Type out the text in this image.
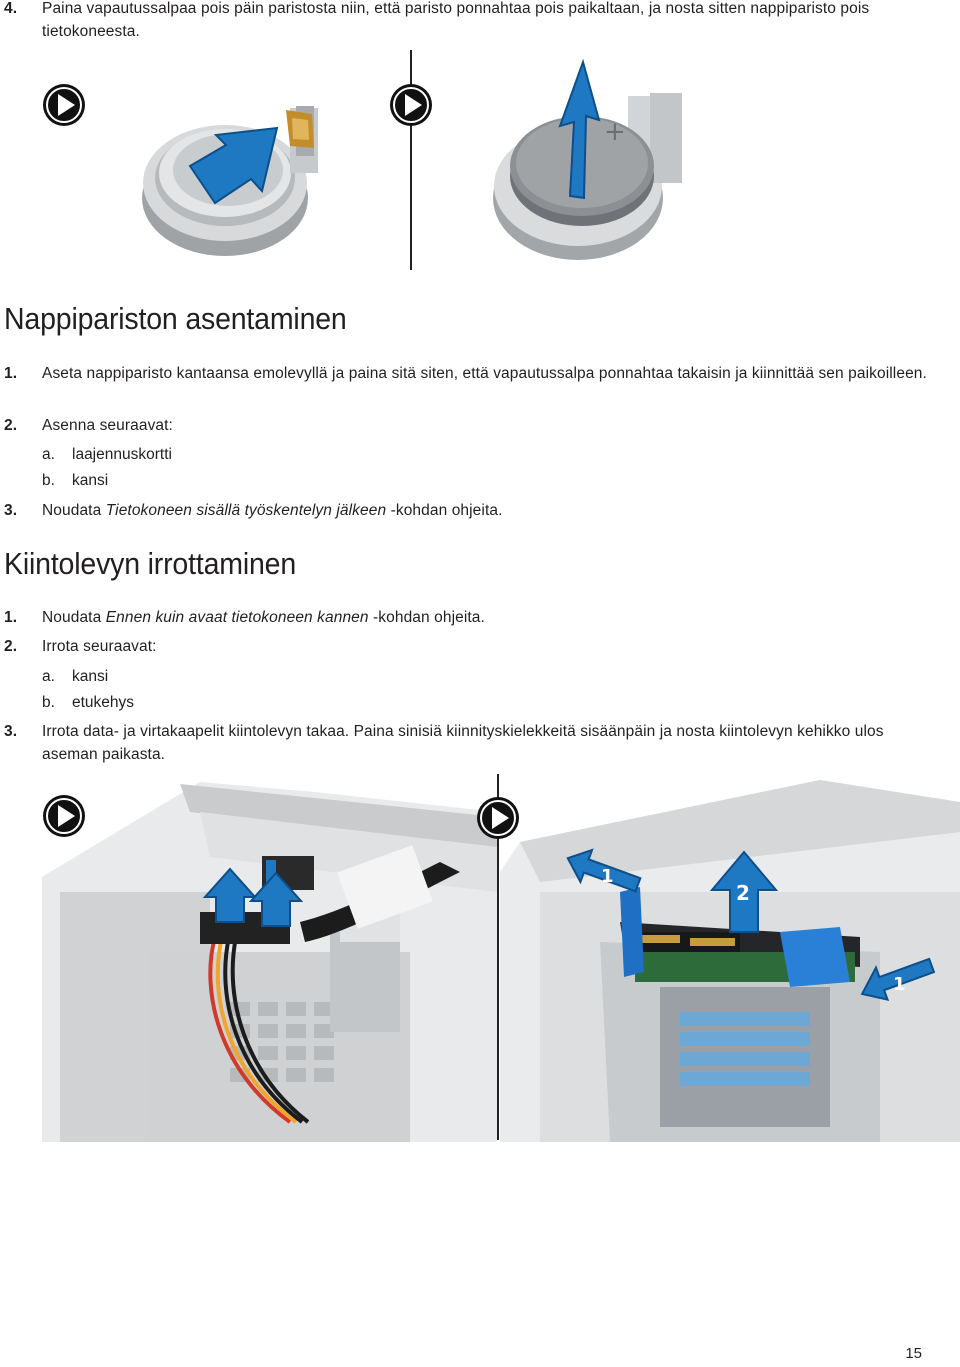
4. Paina vapautussalpaa pois päin paristosta niin, että paristo ponnahtaa pois paikaltaan, ja nosta sitten nappiparisto pois tietokoneesta.
+
Nappipariston asentaminen
1. Aseta nappiparisto kantaansa emolevyllä ja paina sitä siten, että vapautussalpa ponnahtaa takaisin ja kiinnittää sen paikoilleen.
2. Asenna seuraavat:
a. laajennuskortti
b. kansi
3. Noudata Tietokoneen sisällä työskentelyn jälkeen -kohdan ohjeita.
Kiintolevyn irrottaminen
1. Noudata Ennen kuin avaat tietokoneen kannen -kohdan ohjeita.
2. Irrota seuraavat:
a. kansi
b. etukehys
3. Irrota data- ja virtakaapelit kiintolevyn takaa. Paina sinisiä kiinnityskielekkeitä sisäänpäin ja nosta kiintolevyn kehikko ulos aseman paikasta.
1
2
1
15
